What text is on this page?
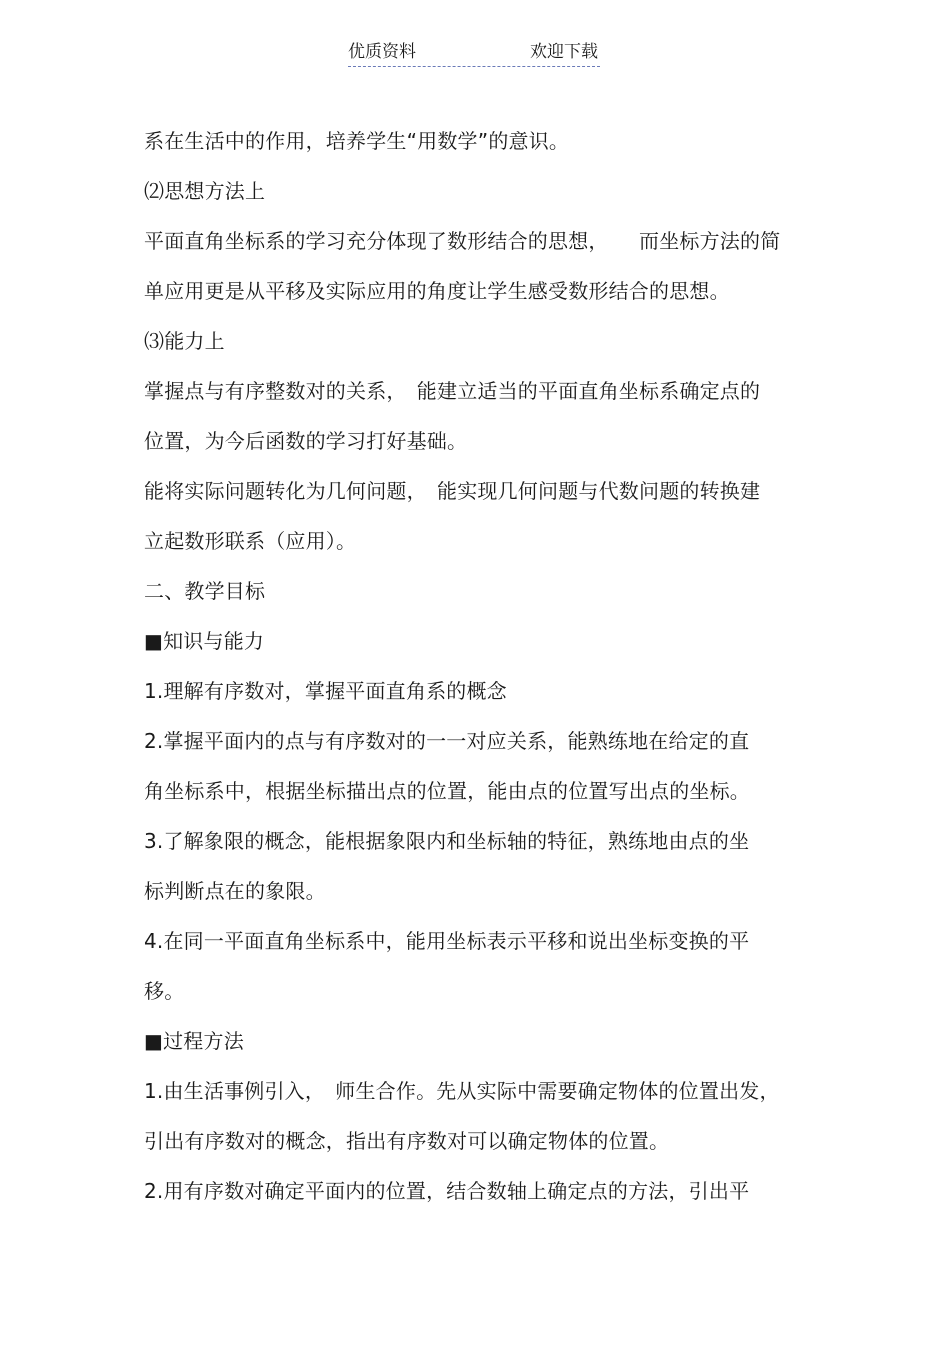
优质资料	欢迎下载
系在生活中的作用，培养学生“用数学”的意识。
⑵思想方法上
平面直角坐标系的学习充分体现了数形结合的思想，　　而坐标方法的简
单应用更是从平移及实际应用的角度让学生感受数形结合的思想。
⑶能力上
掌握点与有序整数对的关系，　能建立适当的平面直角坐标系确定点的
位置，为今后函数的学习打好基础。
能将实际问题转化为几何问题，　能实现几何问题与代数问题的转换建
立起数形联系（应用）。
二、教学目标
■知识与能力
1.理解有序数对，掌握平面直角系的概念
2.掌握平面内的点与有序数对的一一对应关系，能熟练地在给定的直
角坐标系中，根据坐标描出点的位置，能由点的位置写出点的坐标。
3.了解象限的概念，能根据象限内和坐标轴的特征，熟练地由点的坐
标判断点在的象限。
4.在同一平面直角坐标系中，能用坐标表示平移和说出坐标变换的平
移。
■过程方法
1.由生活事例引入，　师生合作。先从实际中需要确定物体的位置出发，
引出有序数对的概念，指出有序数对可以确定物体的位置。
2.用有序数对确定平面内的位置，结合数轴上确定点的方法，引出平
